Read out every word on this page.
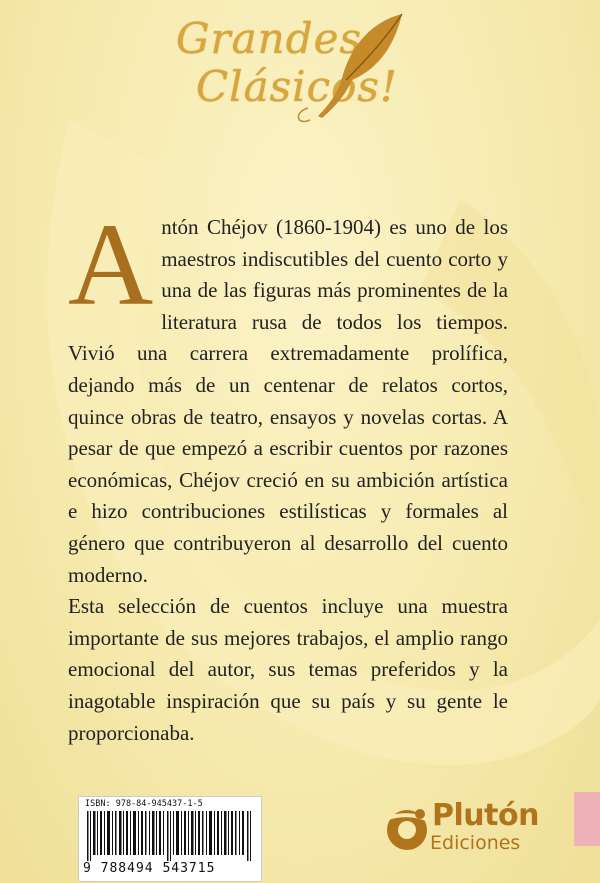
Grandes
Clásicos!

Antón Chéjov (1860-1904) es uno de los maestros indiscutibles del cuento corto y una de las figuras más prominentes de la literatura rusa de todos los tiempos. Vivió una carrera extremadamente prolífica, dejando más de un centenar de relatos cortos, quince obras de teatro, ensayos y novelas cortas. A pesar de que empezó a escribir cuentos por razones económicas, Chéjov creció en su ambición artística e hizo contribuciones estilísticas y formales al género que contribuyeron al desarrollo del cuento moderno.

Esta selección de cuentos incluye una muestra importante de sus mejores trabajos, el amplio rango emocional del autor, sus temas preferidos y la inagotable inspiración que su país y su gente le proporcionaba.

ISBN: 978-84-945437-1-5
9 788494 543715
Plutón
Ediciones
